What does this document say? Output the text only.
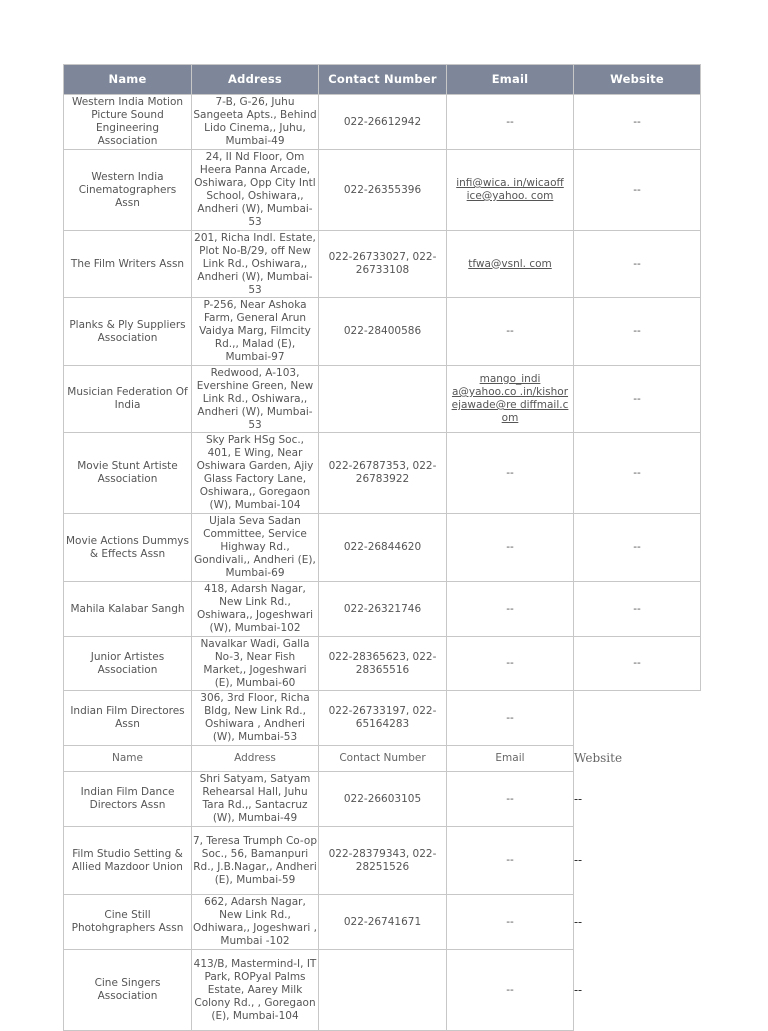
Name	Address	Contact Number	Email	Website
Western India Motion Picture Sound Engineering Association	7-B, G-26, Juhu Sangeeta Apts., Behind Lido Cinema,, Juhu, Mumbai-49	022-26612942	--	--
Western India Cinematographers Assn	24, II Nd Floor, Om Heera Panna Arcade, Oshiwara, Opp City Intl School, Oshiwara,, Andheri (W), Mumbai-53	022-26355396	infi@wica. in/wicaoff ice@yahoo. com	--
The Film Writers Assn	201, Richa Indl. Estate, Plot No-B/29, off New Link Rd., Oshiwara,, Andheri (W), Mumbai-53	022-26733027, 022-26733108	tfwa@vsnl. com	--
Planks & Ply Suppliers Association	P-256, Near Ashoka Farm, General Arun Vaidya Marg, Filmcity Rd.,, Malad (E), Mumbai-97	022-28400586	--	--
Musician Federation Of India	Redwood, A-103, Evershine Green, New Link Rd., Oshiwara,, Andheri (W), Mumbai-53		mango_indi a@yahoo.co .in/kishor ejawade@re diffmail.c om	--
Movie Stunt Artiste Association	Sky Park HSg Soc., 401, E Wing, Near Oshiwara Garden, Ajiy Glass Factory Lane, Oshiwara,, Goregaon (W), Mumbai-104	022-26787353, 022-26783922	--	--
Movie Actions Dummys & Effects Assn	Ujala Seva Sadan Committee, Service Highway Rd., Gondivali,, Andheri (E), Mumbai-69	022-26844620	--	--
Mahila Kalabar Sangh	418, Adarsh Nagar, New Link Rd., Oshiwara,, Jogeshwari (W), Mumbai-102	022-26321746	--	--
Junior Artistes Association	Navalkar Wadi, Galla No-3, Near Fish Market,, Jogeshwari (E), Mumbai-60	022-28365623, 022-28365516	--	--
Indian Film Directores Assn	306, 3rd Floor, Richa Bldg, New Link Rd., Oshiwara , Andheri (W), Mumbai-53	022-26733197, 022-65164283	--	
Name	Address	Contact Number	Email	Website
Indian Film Dance Directors Assn	Shri Satyam, Satyam Rehearsal Hall, Juhu Tara Rd.,, Santacruz (W), Mumbai-49	022-26603105	--	--
Film Studio Setting & Allied Mazdoor Union	7, Teresa Trumph Co-op Soc., 56, Bamanpuri Rd., J.B.Nagar,, Andheri (E), Mumbai-59	022-28379343, 022-28251526	--	--
Cine Still Photohgraphers Assn	662, Adarsh Nagar, New Link Rd., Odhiwara,, Jogeshwari , Mumbai -102	022-26741671	--	--
Cine Singers Association	413/B, Mastermind-I, IT Park, ROPyal Palms Estate, Aarey Milk Colony Rd., , Goregaon (E), Mumbai-104		--	--
